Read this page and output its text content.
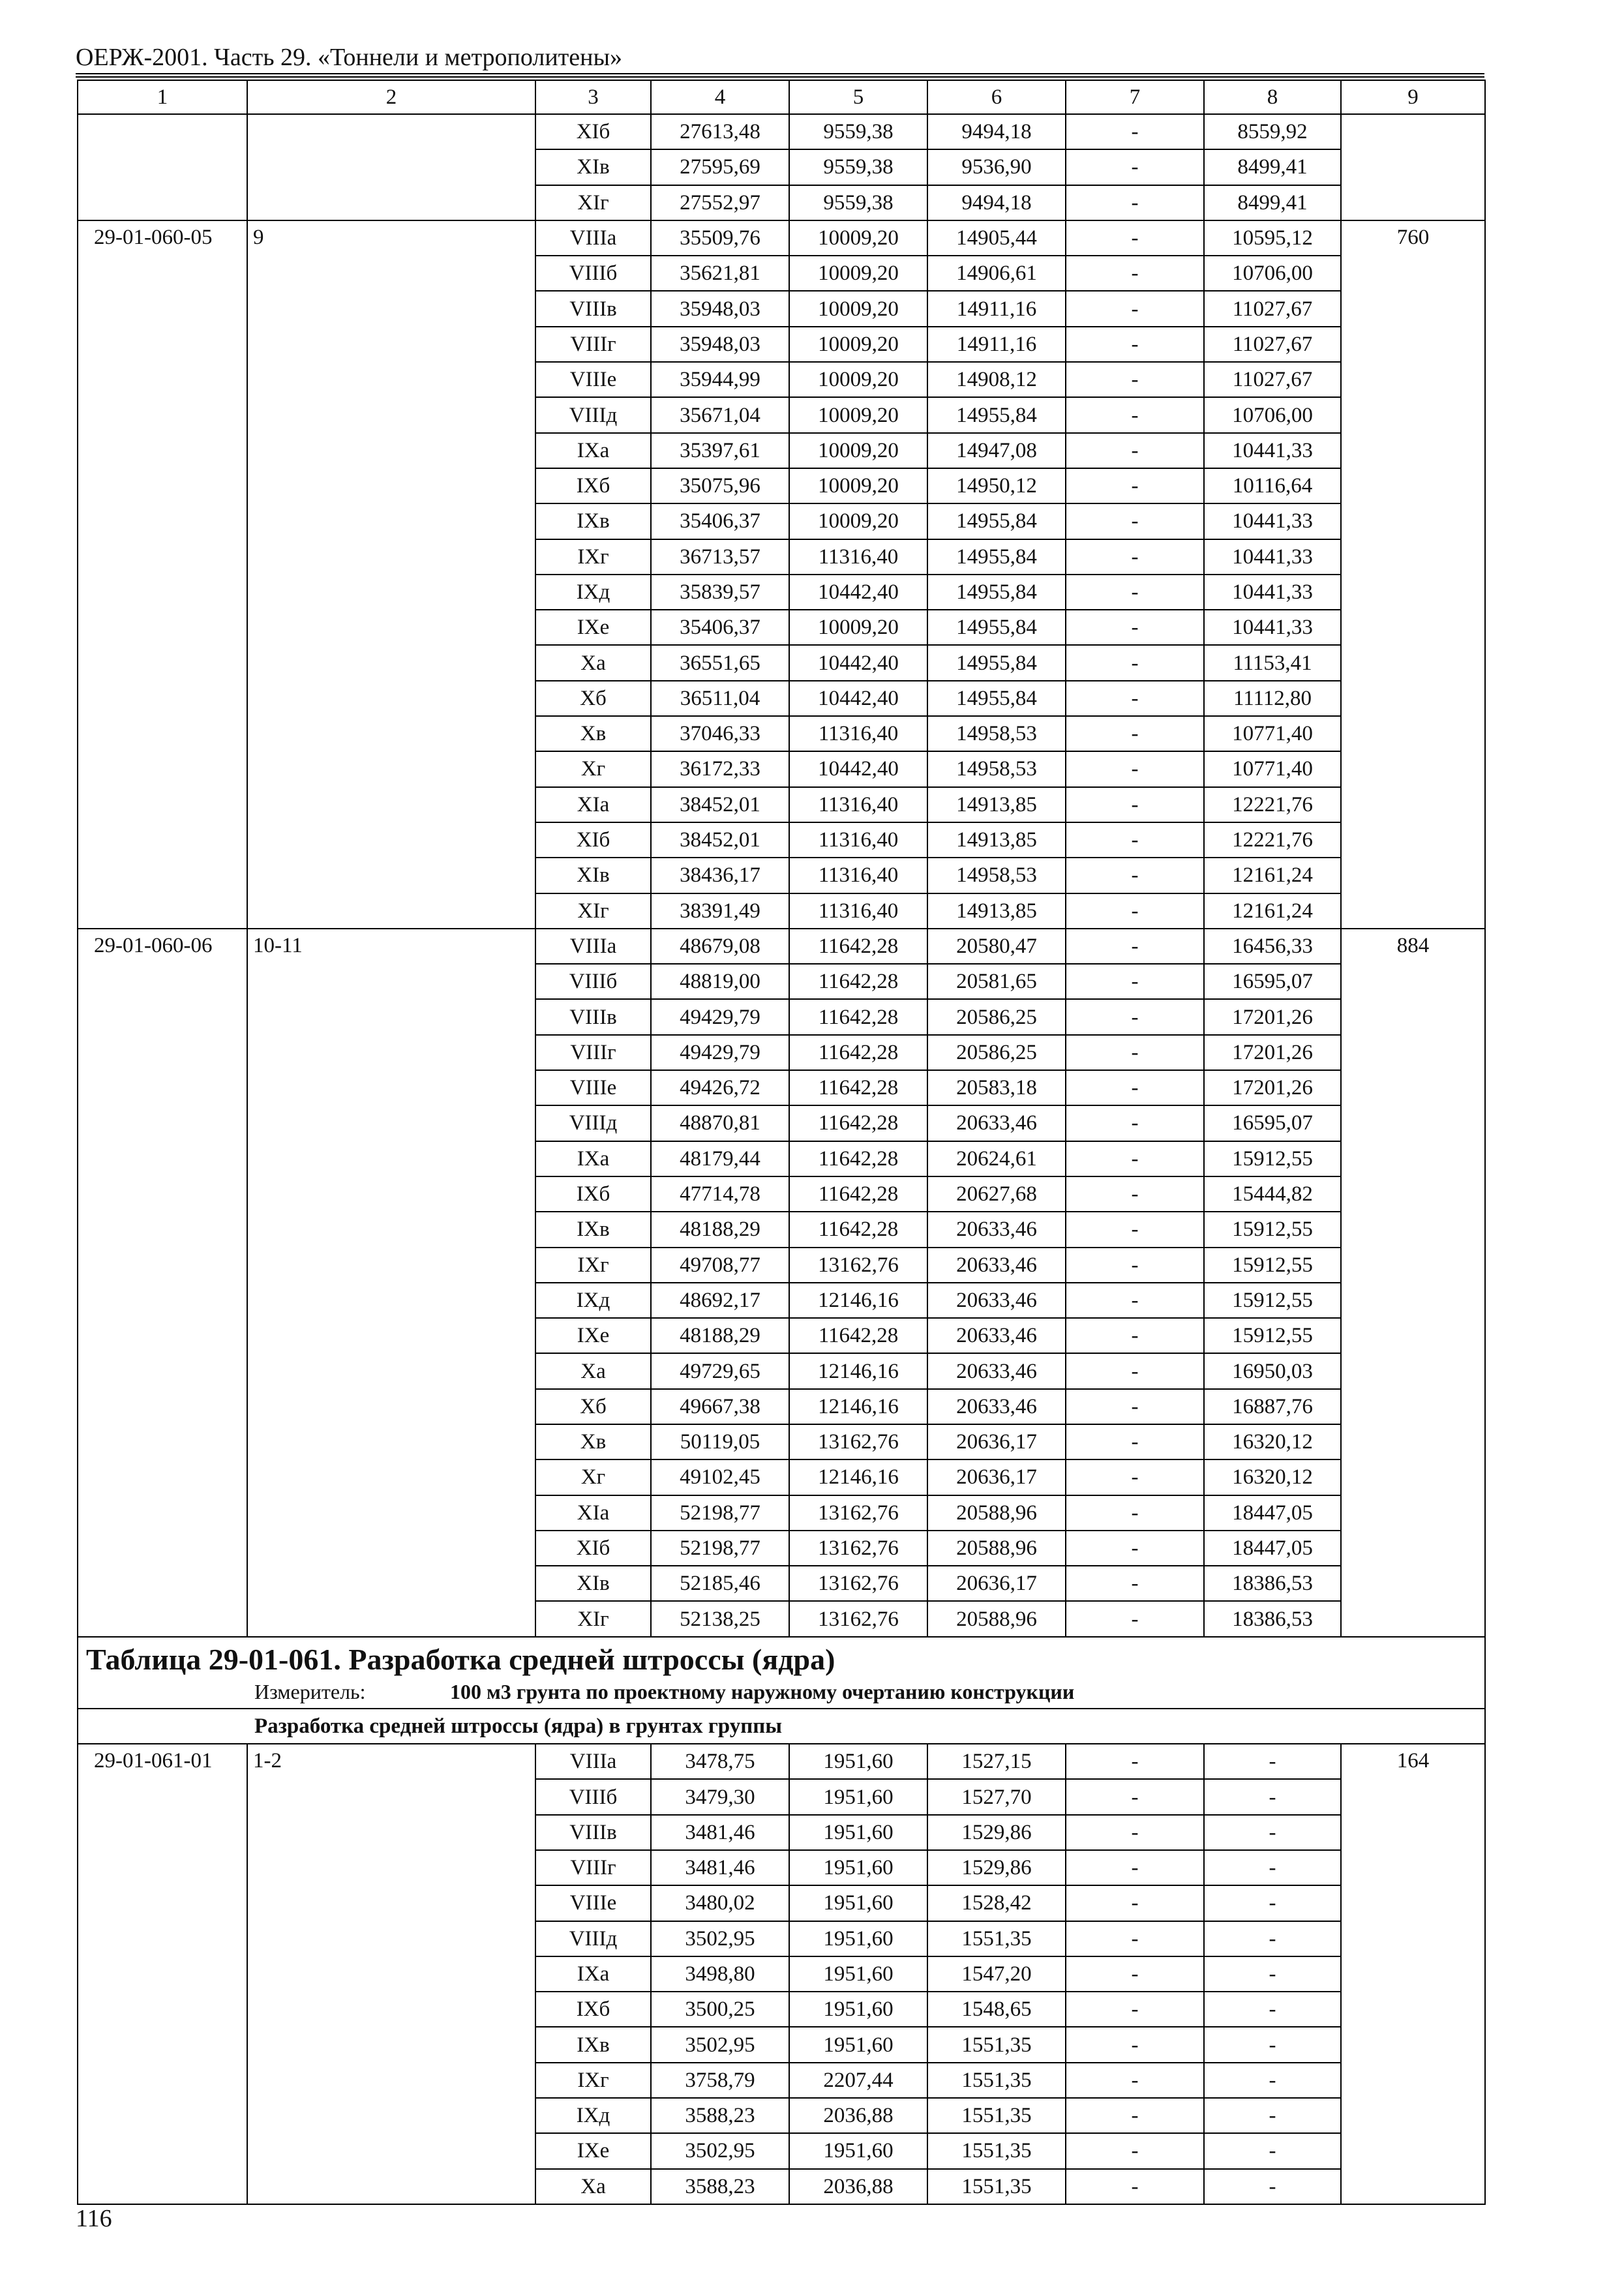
ОЕРЖ-2001. Часть 29. «Тоннели и метрополитены»
1	2	3	4	5	6	7	8	9
		XIб	27613,48	9559,38	9494,18	-	8559,92	
		XIв	27595,69	9559,38	9536,90	-	8499,41	
		XIг	27552,97	9559,38	9494,18	-	8499,41	
29-01-060-05	9	VIIIа	35509,76	10009,20	14905,44	-	10595,12	760
		VIIIб	35621,81	10009,20	14906,61	-	10706,00	
		VIIIв	35948,03	10009,20	14911,16	-	11027,67	
		VIIIг	35948,03	10009,20	14911,16	-	11027,67	
		VIIIе	35944,99	10009,20	14908,12	-	11027,67	
		VIIIд	35671,04	10009,20	14955,84	-	10706,00	
		IXа	35397,61	10009,20	14947,08	-	10441,33	
		IXб	35075,96	10009,20	14950,12	-	10116,64	
		IXв	35406,37	10009,20	14955,84	-	10441,33	
		IXг	36713,57	11316,40	14955,84	-	10441,33	
		IXд	35839,57	10442,40	14955,84	-	10441,33	
		IXе	35406,37	10009,20	14955,84	-	10441,33	
		Xа	36551,65	10442,40	14955,84	-	11153,41	
		Xб	36511,04	10442,40	14955,84	-	11112,80	
		Xв	37046,33	11316,40	14958,53	-	10771,40	
		Xг	36172,33	10442,40	14958,53	-	10771,40	
		XIа	38452,01	11316,40	14913,85	-	12221,76	
		XIб	38452,01	11316,40	14913,85	-	12221,76	
		XIв	38436,17	11316,40	14958,53	-	12161,24	
		XIг	38391,49	11316,40	14913,85	-	12161,24	
29-01-060-06	10-11	VIIIа	48679,08	11642,28	20580,47	-	16456,33	884
		VIIIб	48819,00	11642,28	20581,65	-	16595,07	
		VIIIв	49429,79	11642,28	20586,25	-	17201,26	
		VIIIг	49429,79	11642,28	20586,25	-	17201,26	
		VIIIе	49426,72	11642,28	20583,18	-	17201,26	
		VIIIд	48870,81	11642,28	20633,46	-	16595,07	
		IXа	48179,44	11642,28	20624,61	-	15912,55	
		IXб	47714,78	11642,28	20627,68	-	15444,82	
		IXв	48188,29	11642,28	20633,46	-	15912,55	
		IXг	49708,77	13162,76	20633,46	-	15912,55	
		IXд	48692,17	12146,16	20633,46	-	15912,55	
		IXе	48188,29	11642,28	20633,46	-	15912,55	
		Xа	49729,65	12146,16	20633,46	-	16950,03	
		Xб	49667,38	12146,16	20633,46	-	16887,76	
		Xв	50119,05	13162,76	20636,17	-	16320,12	
		Xг	49102,45	12146,16	20636,17	-	16320,12	
		XIа	52198,77	13162,76	20588,96	-	18447,05	
		XIб	52198,77	13162,76	20588,96	-	18447,05	
		XIв	52185,46	13162,76	20636,17	-	18386,53	
		XIг	52138,25	13162,76	20588,96	-	18386,53	

Таблица 29-01-061. Разработка средней штроссы (ядра)
Измеритель: 100 м3 грунта по проектному наружному очертанию конструкции								

Разработка средней штроссы (ядра) в грунтах группы								
29-01-061-01	1-2	VIIIа	3478,75	1951,60	1527,15	-	-	164
		VIIIб	3479,30	1951,60	1527,70	-	-	
		VIIIв	3481,46	1951,60	1529,86	-	-	
		VIIIг	3481,46	1951,60	1529,86	-	-	
		VIIIе	3480,02	1951,60	1528,42	-	-	
		VIIIд	3502,95	1951,60	1551,35	-	-	
		IXа	3498,80	1951,60	1547,20	-	-	
		IXб	3500,25	1951,60	1548,65	-	-	
		IXв	3502,95	1951,60	1551,35	-	-	
		IXг	3758,79	2207,44	1551,35	-	-	
		IXд	3588,23	2036,88	1551,35	-	-	
		IXе	3502,95	1951,60	1551,35	-	-	
		Xа	3588,23	2036,88	1551,35	-	-	
116
